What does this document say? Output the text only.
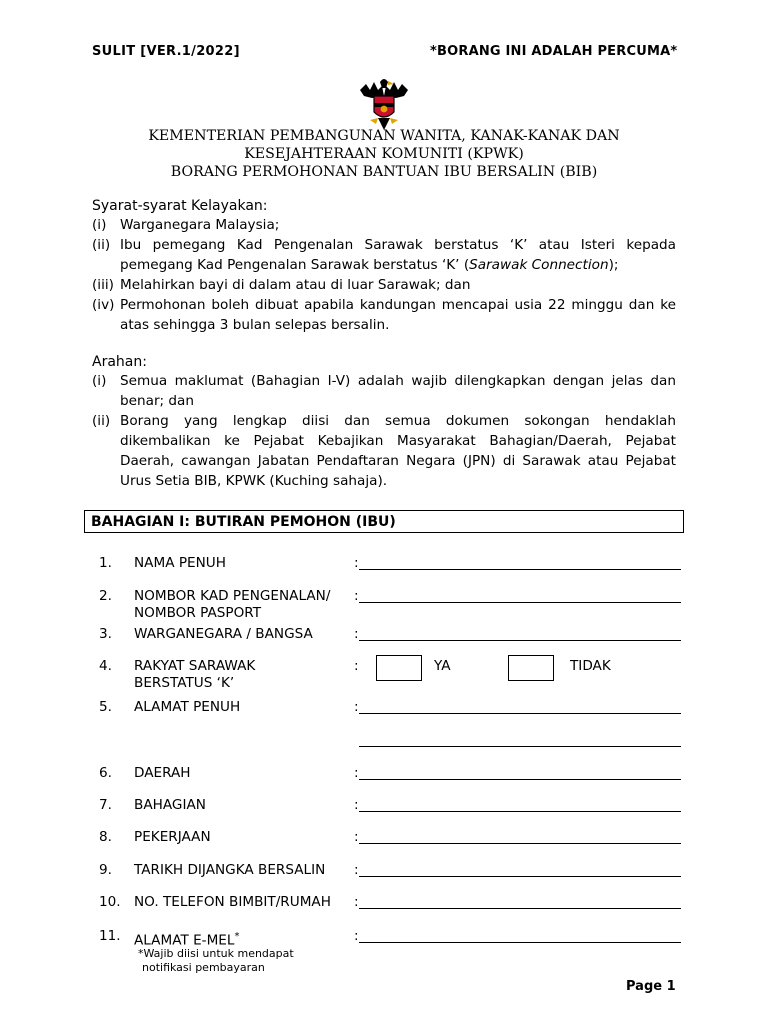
SULIT [VER.1/2022]	*BORANG INI ADALAH PERCUMA*
KEMENTERIAN PEMBANGUNAN WANITA, KANAK-KANAK DAN
KESEJAHTERAAN KOMUNITI (KPWK)
BORANG PERMOHONAN BANTUAN IBU BERSALIN (BIB)
Syarat-syarat Kelayakan:
(i) Warganegara Malaysia;
(ii) Ibu pemegang Kad Pengenalan Sarawak berstatus ‘K’ atau Isteri kepada pemegang Kad Pengenalan Sarawak berstatus ‘K’ (Sarawak Connection);
(iii) Melahirkan bayi di dalam atau di luar Sarawak; dan
(iv) Permohonan boleh dibuat apabila kandungan mencapai usia 22 minggu dan ke atas sehingga 3 bulan selepas bersalin.
Arahan:
(i) Semua maklumat (Bahagian I-V) adalah wajib dilengkapkan dengan jelas dan benar; dan
(ii) Borang yang lengkap diisi dan semua dokumen sokongan hendaklah dikembalikan ke Pejabat Kebajikan Masyarakat Bahagian/Daerah, Pejabat Daerah, cawangan Jabatan Pendaftaran Negara (JPN) di Sarawak atau Pejabat Urus Setia BIB, KPWK (Kuching sahaja).
BAHAGIAN I: BUTIRAN PEMOHON (IBU)
1.	NAMA PENUH	:
2.	NOMBOR KAD PENGENALAN/	:
NOMBOR PASPORT
3.	WARGANEGARA / BANGSA	:
4.	RAKYAT SARAWAK	:
BERSTATUS ‘K’
YA	TIDAK
5.	ALAMAT PENUH	:
6.	DAERAH	:
7.	BAHAGIAN	:
8.	PEKERJAAN	:
9.	TARIKH DIJANGKA BERSALIN	:
10. NO. TELEFON BIMBIT/RUMAH	:
11. ALAMAT E-MEL*	:
*Wajib diisi untuk mendapat
notifikasi pembayaran
Page 1
